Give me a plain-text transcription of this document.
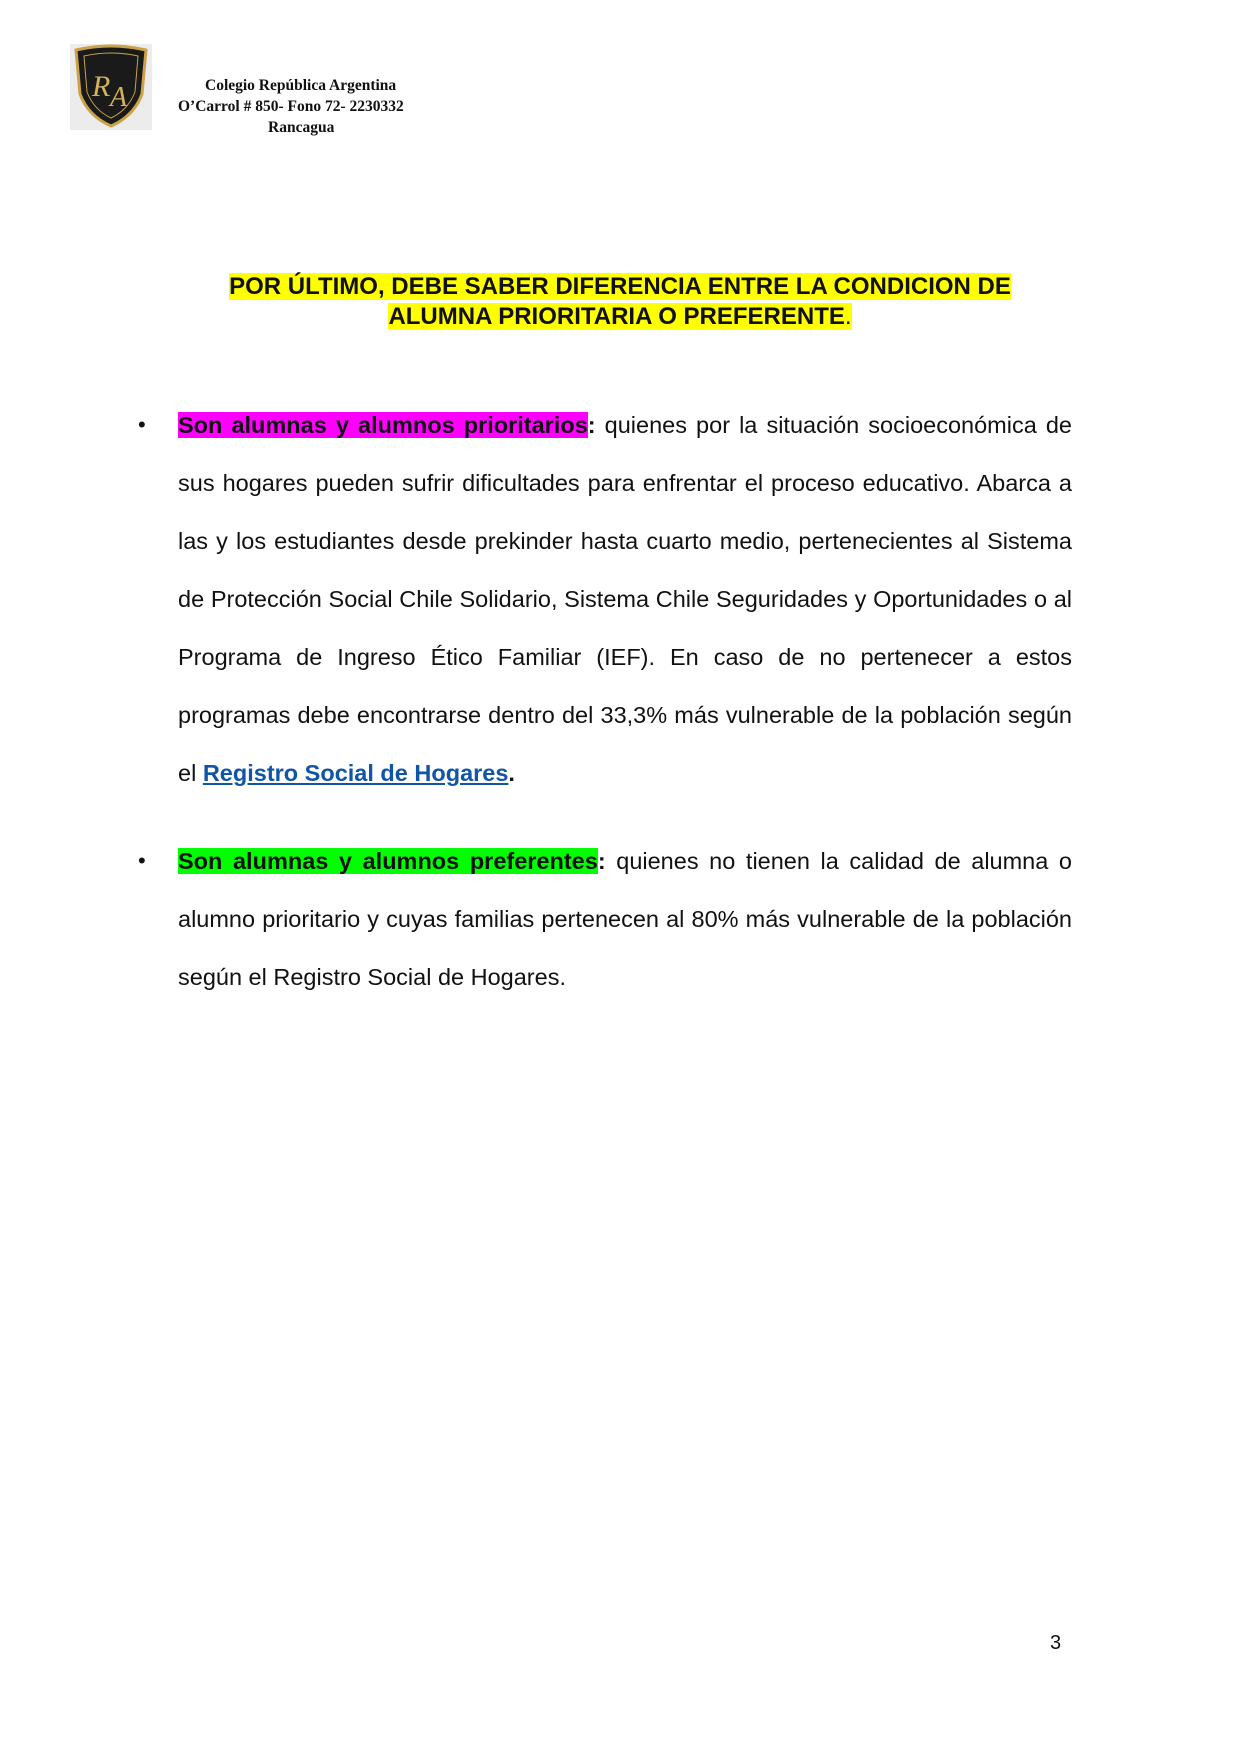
R A	Colegio República Argentina
O’Carrol # 850- Fono 72- 2230332
Rancagua
POR ÚLTIMO, DEBE SABER DIFERENCIA ENTRE LA CONDICION DE
ALUMNA PRIORITARIA O PREFERENTE.
• Son alumnas y alumnos prioritarios: quienes por la situación socioeconómica de sus hogares pueden sufrir dificultades para enfrentar el proceso educativo. Abarca a las y los estudiantes desde prekinder hasta cuarto medio, pertenecientes al Sistema de Protección Social Chile Solidario, Sistema Chile Seguridades y Oportunidades o al Programa de Ingreso Ético Familiar (IEF). En caso de no pertenecer a estos programas debe encontrarse dentro del 33,3% más vulnerable de la población según el Registro Social de Hogares.
• Son alumnas y alumnos preferentes: quienes no tienen la calidad de alumna o alumno prioritario y cuyas familias pertenecen al 80% más vulnerable de la población según el Registro Social de Hogares.
3
